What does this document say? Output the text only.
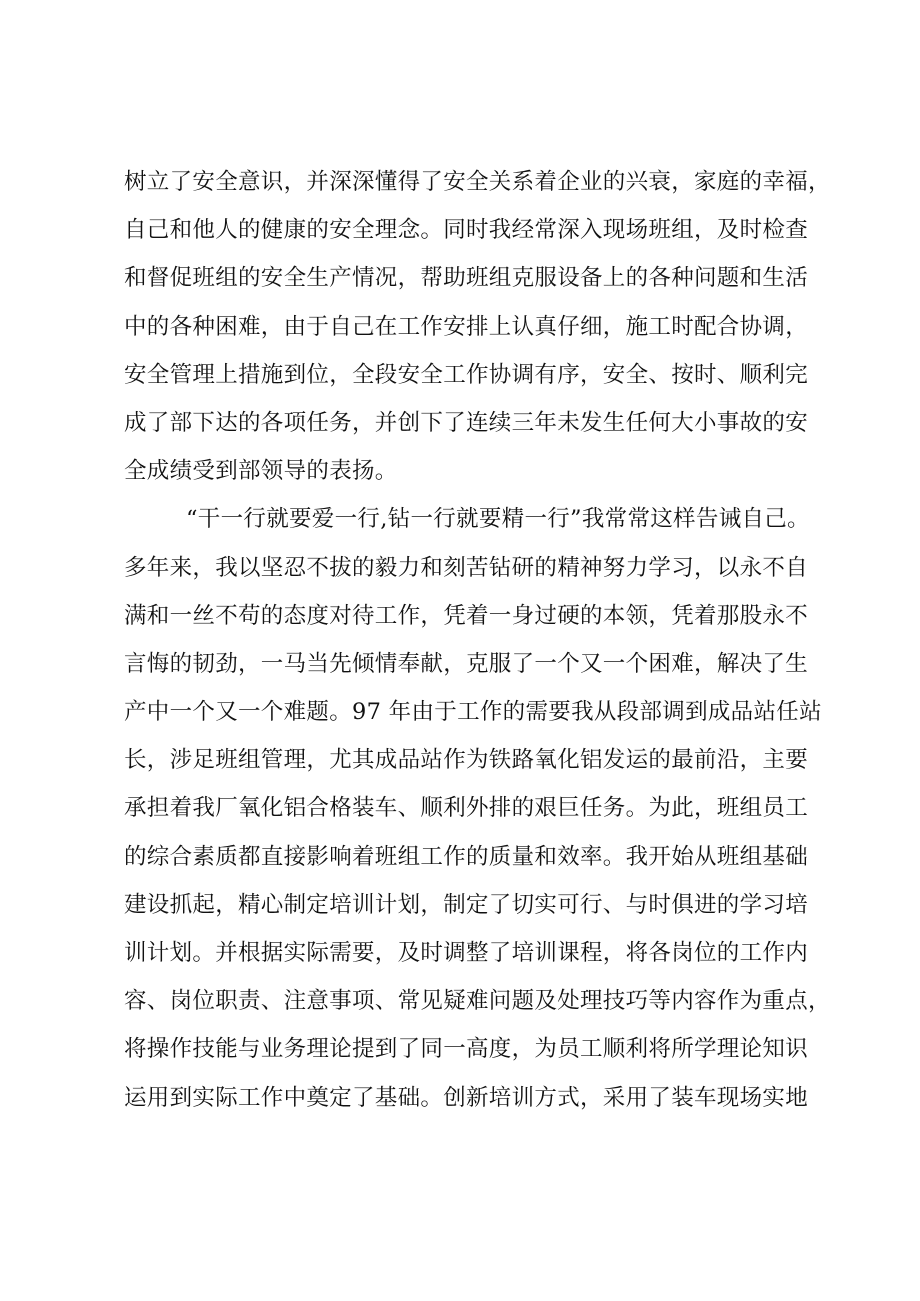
树立了安全意识，并深深懂得了安全关系着企业的兴衰，家庭的幸福，
自己和他人的健康的安全理念。同时我经常深入现场班组，及时检查
和督促班组的安全生产情况，帮助班组克服设备上的各种问题和生活
中的各种困难，由于自己在工作安排上认真仔细，施工时配合协调，
安全管理上措施到位，全段安全工作协调有序，安全、按时、顺利完
成了部下达的各项任务，并创下了连续三年未发生任何大小事故的安
全成绩受到部领导的表扬。
“干一行就要爱一行,钻一行就要精一行”我常常这样告诫自己。
多年来，我以坚忍不拔的毅力和刻苦钻研的精神努力学习，以永不自
满和一丝不苟的态度对待工作，凭着一身过硬的本领，凭着那股永不
言悔的韧劲，一马当先倾情奉献，克服了一个又一个困难，解决了生
产中一个又一个难题。97 年由于工作的需要我从段部调到成品站任站
长，涉足班组管理，尤其成品站作为铁路氧化铝发运的最前沿，主要
承担着我厂氧化铝合格装车、顺利外排的艰巨任务。为此，班组员工
的综合素质都直接影响着班组工作的质量和效率。我开始从班组基础
建设抓起，精心制定培训计划，制定了切实可行、与时俱进的学习培
训计划。并根据实际需要，及时调整了培训课程，将各岗位的工作内
容、岗位职责、注意事项、常见疑难问题及处理技巧等内容作为重点，
将操作技能与业务理论提到了同一高度，为员工顺利将所学理论知识
运用到实际工作中奠定了基础。创新培训方式，采用了装车现场实地
